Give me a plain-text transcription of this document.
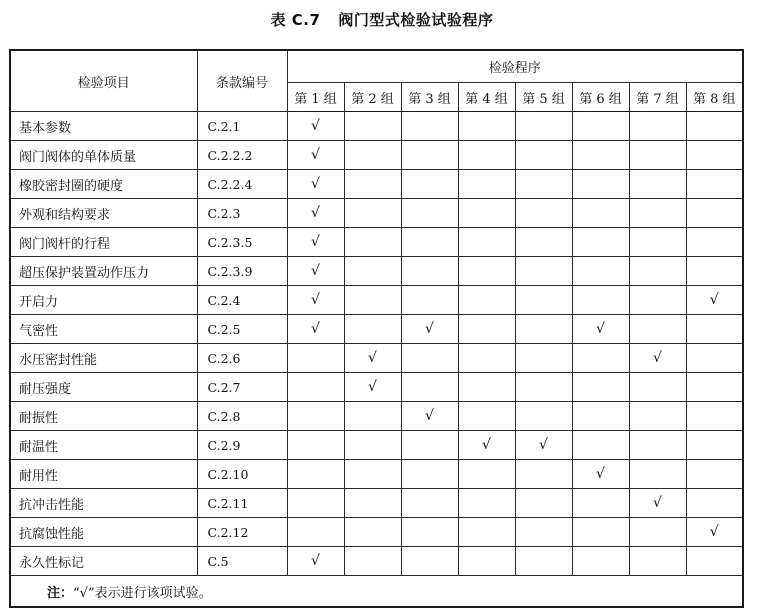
表 C.7 阀门型式检验试验程序
检验项目	条款编号	检验程序							
		第 1 组	第 2 组	第 3 组	第 4 组	第 5 组	第 6 组	第 7 组	第 8 组
基本参数	C.2.1	√							
阀门阀体的单体质量	C.2.2.2	√							
橡胶密封圈的硬度	C.2.2.4	√							
外观和结构要求	C.2.3	√							
阀门阀杆的行程	C.2.3.5	√							
超压保护装置动作压力	C.2.3.9	√							
开启力	C.2.4	√							√
气密性	C.2.5	√		√			√		
水压密封性能	C.2.6		√					√	
耐压强度	C.2.7		√						
耐振性	C.2.8			√					
耐温性	C.2.9				√	√			
耐用性	C.2.10						√		
抗冲击性能	C.2.11							√	
抗腐蚀性能	C.2.12								√
永久性标记	C.5	√							
注：“√”表示进行该项试验。									
